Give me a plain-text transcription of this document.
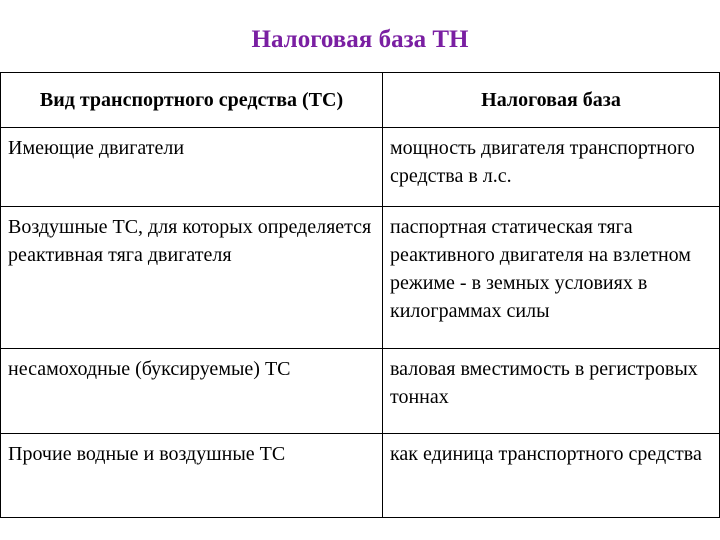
Налоговая база ТН
Вид транспортного средства (ТС)	Налоговая база
Имеющие двигатели	мощность двигателя транспортного средства в л.с.
Воздушные ТС, для которых определяется реактивная тяга двигателя	паспортная статическая тяга реактивного двигателя на взлетном режиме - в земных условиях в килограммах силы
несамоходные (буксируемые) ТС	валовая вместимость в регистровых тоннах
Прочие водные и воздушные ТС	как единица транспортного средства
